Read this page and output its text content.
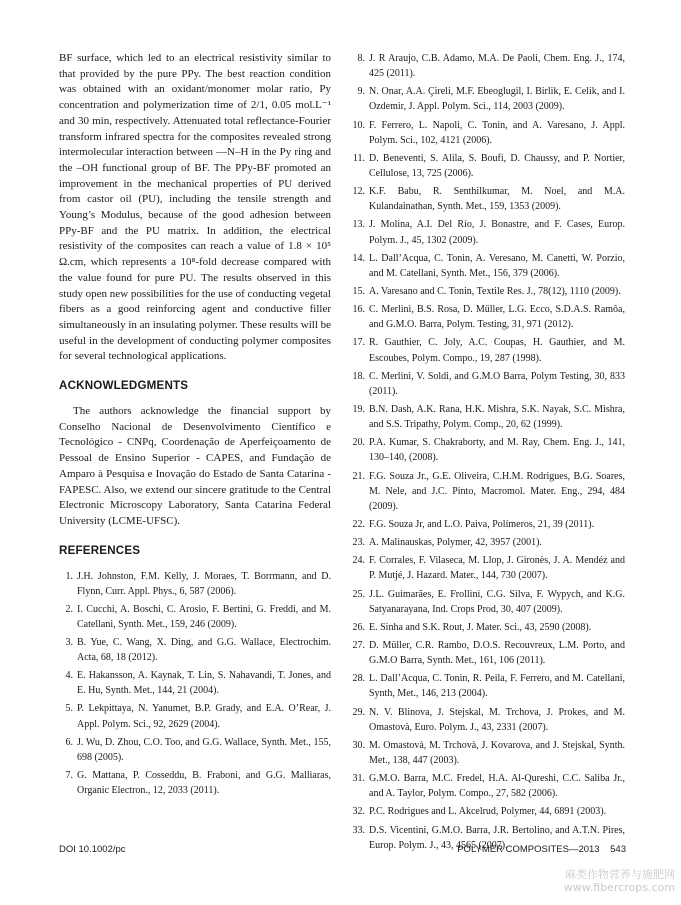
BF surface, which led to an electrical resistivity similar to that provided by the pure PPy. The best reaction condition was obtained with an oxidant/monomer molar ratio, Py concentration and polymerization time of 2/1, 0.05 mol.L⁻¹ and 30 min, respectively. Attenuated total reflectance-Fourier transform infrared spectra for the composites revealed strong intermolecular interaction between —N–H in the Py ring and the –OH functional group of BF. The PPy-BF promoted an improvement in the mechanical properties of PU derived from castor oil (PU), including the tensile strength and Young’s Modulus, because of the good adhesion between PPy-BF and the PU matrix. In addition, the electrical resistivity of the composites can reach a value of 1.8 × 10⁵ Ω.cm, which represents a 10⁸-fold decrease compared with the value found for pure PU. The results observed in this study open new possibilities for the use of conducting vegetal fibers as a good reinforcing agent and conductive filler simultaneously in an insulating polymer. These results will be useful in the development of conducting polymer composites for several technological applications.

ACKNOWLEDGMENTS

The authors acknowledge the financial support by Conselho Nacional de Desenvolvimento Científico e Tecnológico - CNPq, Coordenação de Aperfeiçoamento de Pessoal de Ensino Superior - CAPES, and Fundação de Amparo à Pesquisa e Inovação do Estado de Santa Catarina - FAPESC. Also, we extend our sincere gratitude to the Central Electronic Microscopy Laboratory, Santa Catarina Federal University (LCME-UFSC).

REFERENCES
1. J.H. Johnston, F.M. Kelly, J. Moraes, T. Borrmann, and D. Flynn, Curr. Appl. Phys., 6, 587 (2006).
2. I. Cucchi, A. Boschi, C. Arosio, F. Bertini, G. Freddi, and M. Catellani, Synth. Met., 159, 246 (2009).
3. B. Yue, C. Wang, X. Ding, and G.G. Wallace, Electrochim. Acta, 68, 18 (2012).
4. E. Hakansson, A. Kaynak, T. Lin, S. Nahavandi, T. Jones, and E. Hu, Synth. Met., 144, 21 (2004).
5. P. Lekpittaya, N. Yanumet, B.P. Grady, and E.A. O’Rear, J. Appl. Polym. Sci., 92, 2629 (2004).
6. J. Wu, D. Zhou, C.O. Too, and G.G. Wallace, Synth. Met., 155, 698 (2005).
7. G. Mattana, P. Cosseddu, B. Fraboni, and G.G. Malliaras, Organic Electron., 12, 2033 (2011).
8. J. R Araujo, C.B. Adamo, M.A. De Paoli, Chem. Eng. J., 174, 425 (2011).
9. N. Onar, A.A. Çireli, M.F. Ebeoglugil, I. Birlik, E. Celik, and I. Ozdemir, J. Appl. Polym. Sci., 114, 2003 (2009).
10. F. Ferrero, L. Napoli, C. Tonin, and A. Varesano, J. Appl. Polym. Sci., 102, 4121 (2006).
11. D. Beneventi, S. Alila, S. Boufi, D. Chaussy, and P. Nortier, Cellulose, 13, 725 (2006).
12. K.F. Babu, R. Senthilkumar, M. Noel, and M.A. Kulandainathan, Synth. Met., 159, 1353 (2009).
13. J. Molina, A.I. Del Río, J. Bonastre, and F. Cases, Europ. Polym. J., 45, 1302 (2009).
14. L. Dall’Acqua, C. Tonin, A. Veresano, M. Canetti, W. Porzio, and M. Catellani, Synth. Met., 156, 379 (2006).
15. A. Varesano and C. Tonin, Textile Res. J., 78(12), 1110 (2009).
16. C. Merlini, B.S. Rosa, D. Müller, L.G. Ecco, S.D.A.S. Ramôa, and G.M.O. Barra, Polym. Testing, 31, 971 (2012).
17. R. Gauthier, C. Joly, A.C. Coupas, H. Gauthier, and M. Escoubes, Polym. Compo., 19, 287 (1998).
18. C. Merlini, V. Soldi, and G.M.O Barra, Polym Testing, 30, 833 (2011).
19. B.N. Dash, A.K. Rana, H.K. Mishra, S.K. Nayak, S.C. Mishra, and S.S. Tripathy, Polym. Comp., 20, 62 (1999).
20. P.A. Kumar, S. Chakraborty, and M. Ray, Chem. Eng. J., 141, 130–140, (2008).
21. F.G. Souza Jr., G.E. Oliveira, C.H.M. Rodrigues, B.G. Soares, M. Nele, and J.C. Pinto, Macromol. Mater. Eng., 294, 484 (2009).
22. F.G. Souza Jr, and L.O. Paiva, Polímeros, 21, 39 (2011).
23. A. Malinauskas, Polymer, 42, 3957 (2001).
24. F. Corrales, F. Vilaseca, M. Llop, J. Gironès, J. A. Mendéz and P. Mutjé, J. Hazard. Mater., 144, 730 (2007).
25. J.L. Guimarães, E. Frollini, C.G. Silva, F. Wypych, and K.G. Satyanarayana, Ind. Crops Prod, 30, 407 (2009).
26. E. Sinha and S.K. Rout, J. Mater. Sci., 43, 2590 (2008).
27. D. Müller, C.R. Rambo, D.O.S. Recouvreux, L.M. Porto, and G.M.O Barra, Synth. Met., 161, 106 (2011).
28. L. Dall’Acqua, C. Tonin, R. Peila, F. Ferrero, and M. Catellani, Synth, Met., 146, 213 (2004).
29. N. V. Blinova, J. Stejskal, M. Trchova, J. Prokes, and M. Omastovà, Euro. Polym. J., 43, 2331 (2007).
30. M. Omastovà, M. Trchovà, J. Kovarova, and J. Stejskal, Synth. Met., 138, 447 (2003).
31. G.M.O. Barra, M.C. Fredel, H.A. Al-Qureshi, C.C. Saliba Jr., and A. Taylor, Polym. Compo., 27, 582 (2006).
32. P.C. Rodrigues and L. Akcelrud, Polymer, 44, 6891 (2003).
33. D.S. Vicentini, G.M.O. Barra, J.R. Bertolino, and A.T.N. Pires, Europ. Polym. J., 43, 4565 (2007).
DOI 10.1002/pc	POLYMER COMPOSITES—2013    543
麻类作物营养与施肥网
www.fibercrops.com
